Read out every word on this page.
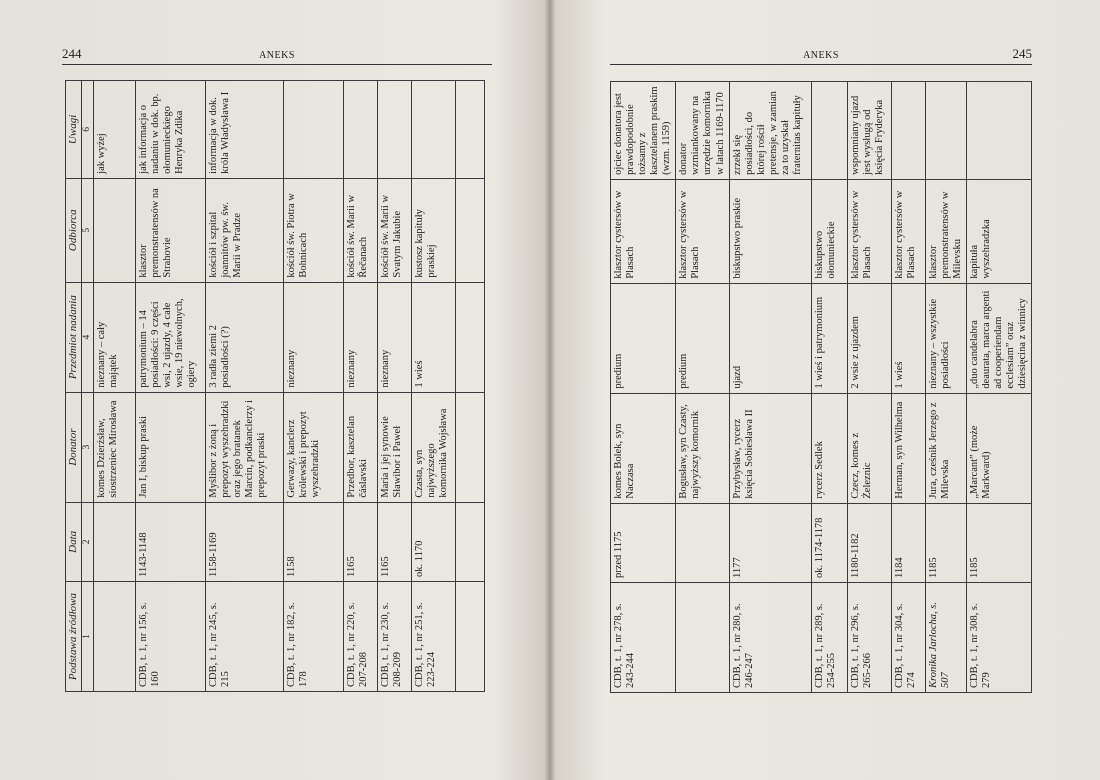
244	ANEKS
Podstawa źródłowa	Data	Donator	Przedmiot nadania	Odbiorca	Uwagi
1	2	3	4	5	6
		komes Dzierżsław, siostrzeniec Mirosława	nieznany – cały majątek		jak wyżej
CDB, t. 1, nr 156, s. 160	1143-1148	Jan I, biskup praski	patrymonium – 14 posiadłości: 9 części wsi, 2 ujazdy, 4 całe wsie, 19 niewolnych, ogiery	klasztor premonstratensów na Strahovie	jak informacja o nadaniu w dok. bp. ołomunieckiego Henryka Zdika
CDB, t. 1, nr 245, s. 215	1158-1169	Myślibor z żoną i prepozyt wyszehradzki oraz jego bratanek Marcin, podkanclerzy i prepozyt praski	3 radła ziemi 2 posiadłości (?)	kościół i szpital joannitów pw. św. Marii w Pradze	informacja w dok. króla Władysława I
CDB, t. 1, nr 182, s. 178	1158	Gerwazy, kanclerz królewski i prepozyt wyszehradzki	nieznany	kościół św. Piotra w Bohnicach	
CDB, t. 1, nr 220, s. 207-208	1165	Przedbor, kasztelan čáslavski	nieznany	kościół św. Marii w Řečanach	
CDB, t. 1, nr 230, s. 208-209	1165	Maria i jej synowie Sławibor i Paweł	nieznany	kościół św. Marii w Svatym Jakubie	
CDB, t. 1, nr 251, s. 223-224	ok. 1170	Czasta, syn najwyższego komornika Wojsława	1 wieś	kustosz kapituły praskiej	

ANEKS	245
CDB, t. 1, nr 278, s. 243-244	przed 1175	komes Bolek, syn Naczasa	predium	klasztor cystersów w Plasach	ojciec donatora jest prawdopodobnie tożsamy z kasztelanem praskim (wzm. 1159)
		Bogusław, syn Czasty, najwyższy komornik	predium	klasztor cystersów w Plasach	donator wzmiankowany na urzędzie komornika w latach 1169-1170
CDB, t. 1, nr 280, s. 246-247	1177	Przybysław, rycerz księcia Sobiesława II	ujazd	biskupstwo praskie	zrzekł się posiadłości, do której rościł pretensje, w zamian za to uzyskał fraternitas kapituły
CDB, t. 1, nr 289, s. 254-255	ok. 1174-1178	rycerz Sedlek	1 wieś i patrymonium	biskupstwo ołomunieckie	
CDB, t. 1, nr 296, s. 265-266	1180-1182	Czecz, komes z Żeleznic	2 wsie z ujazdem	klasztor cystersów w Plasach	wspomniany ujazd jest wysługą od księcia Fryderyka
CDB, t. 1, nr 304, s. 274	1184	Herman, syn Wilhelma	1 wieś	klasztor cystersów w Plasach	
Kronika Jarlocha, s. 507	1185	Jura, cześnik Jerzego z Milevska	nieznany – wszystkie posiadłości	klasztor premonstratensów w Milevsku	
CDB, t. 1, nr 308, s. 279	1185	„Marcant” (może Markward)	„duo candelabra deaurata, marca argenti ad cooperiendam ecclesiam” oraz dziesięcina z winnicy	kapituła wyszehradzka	
